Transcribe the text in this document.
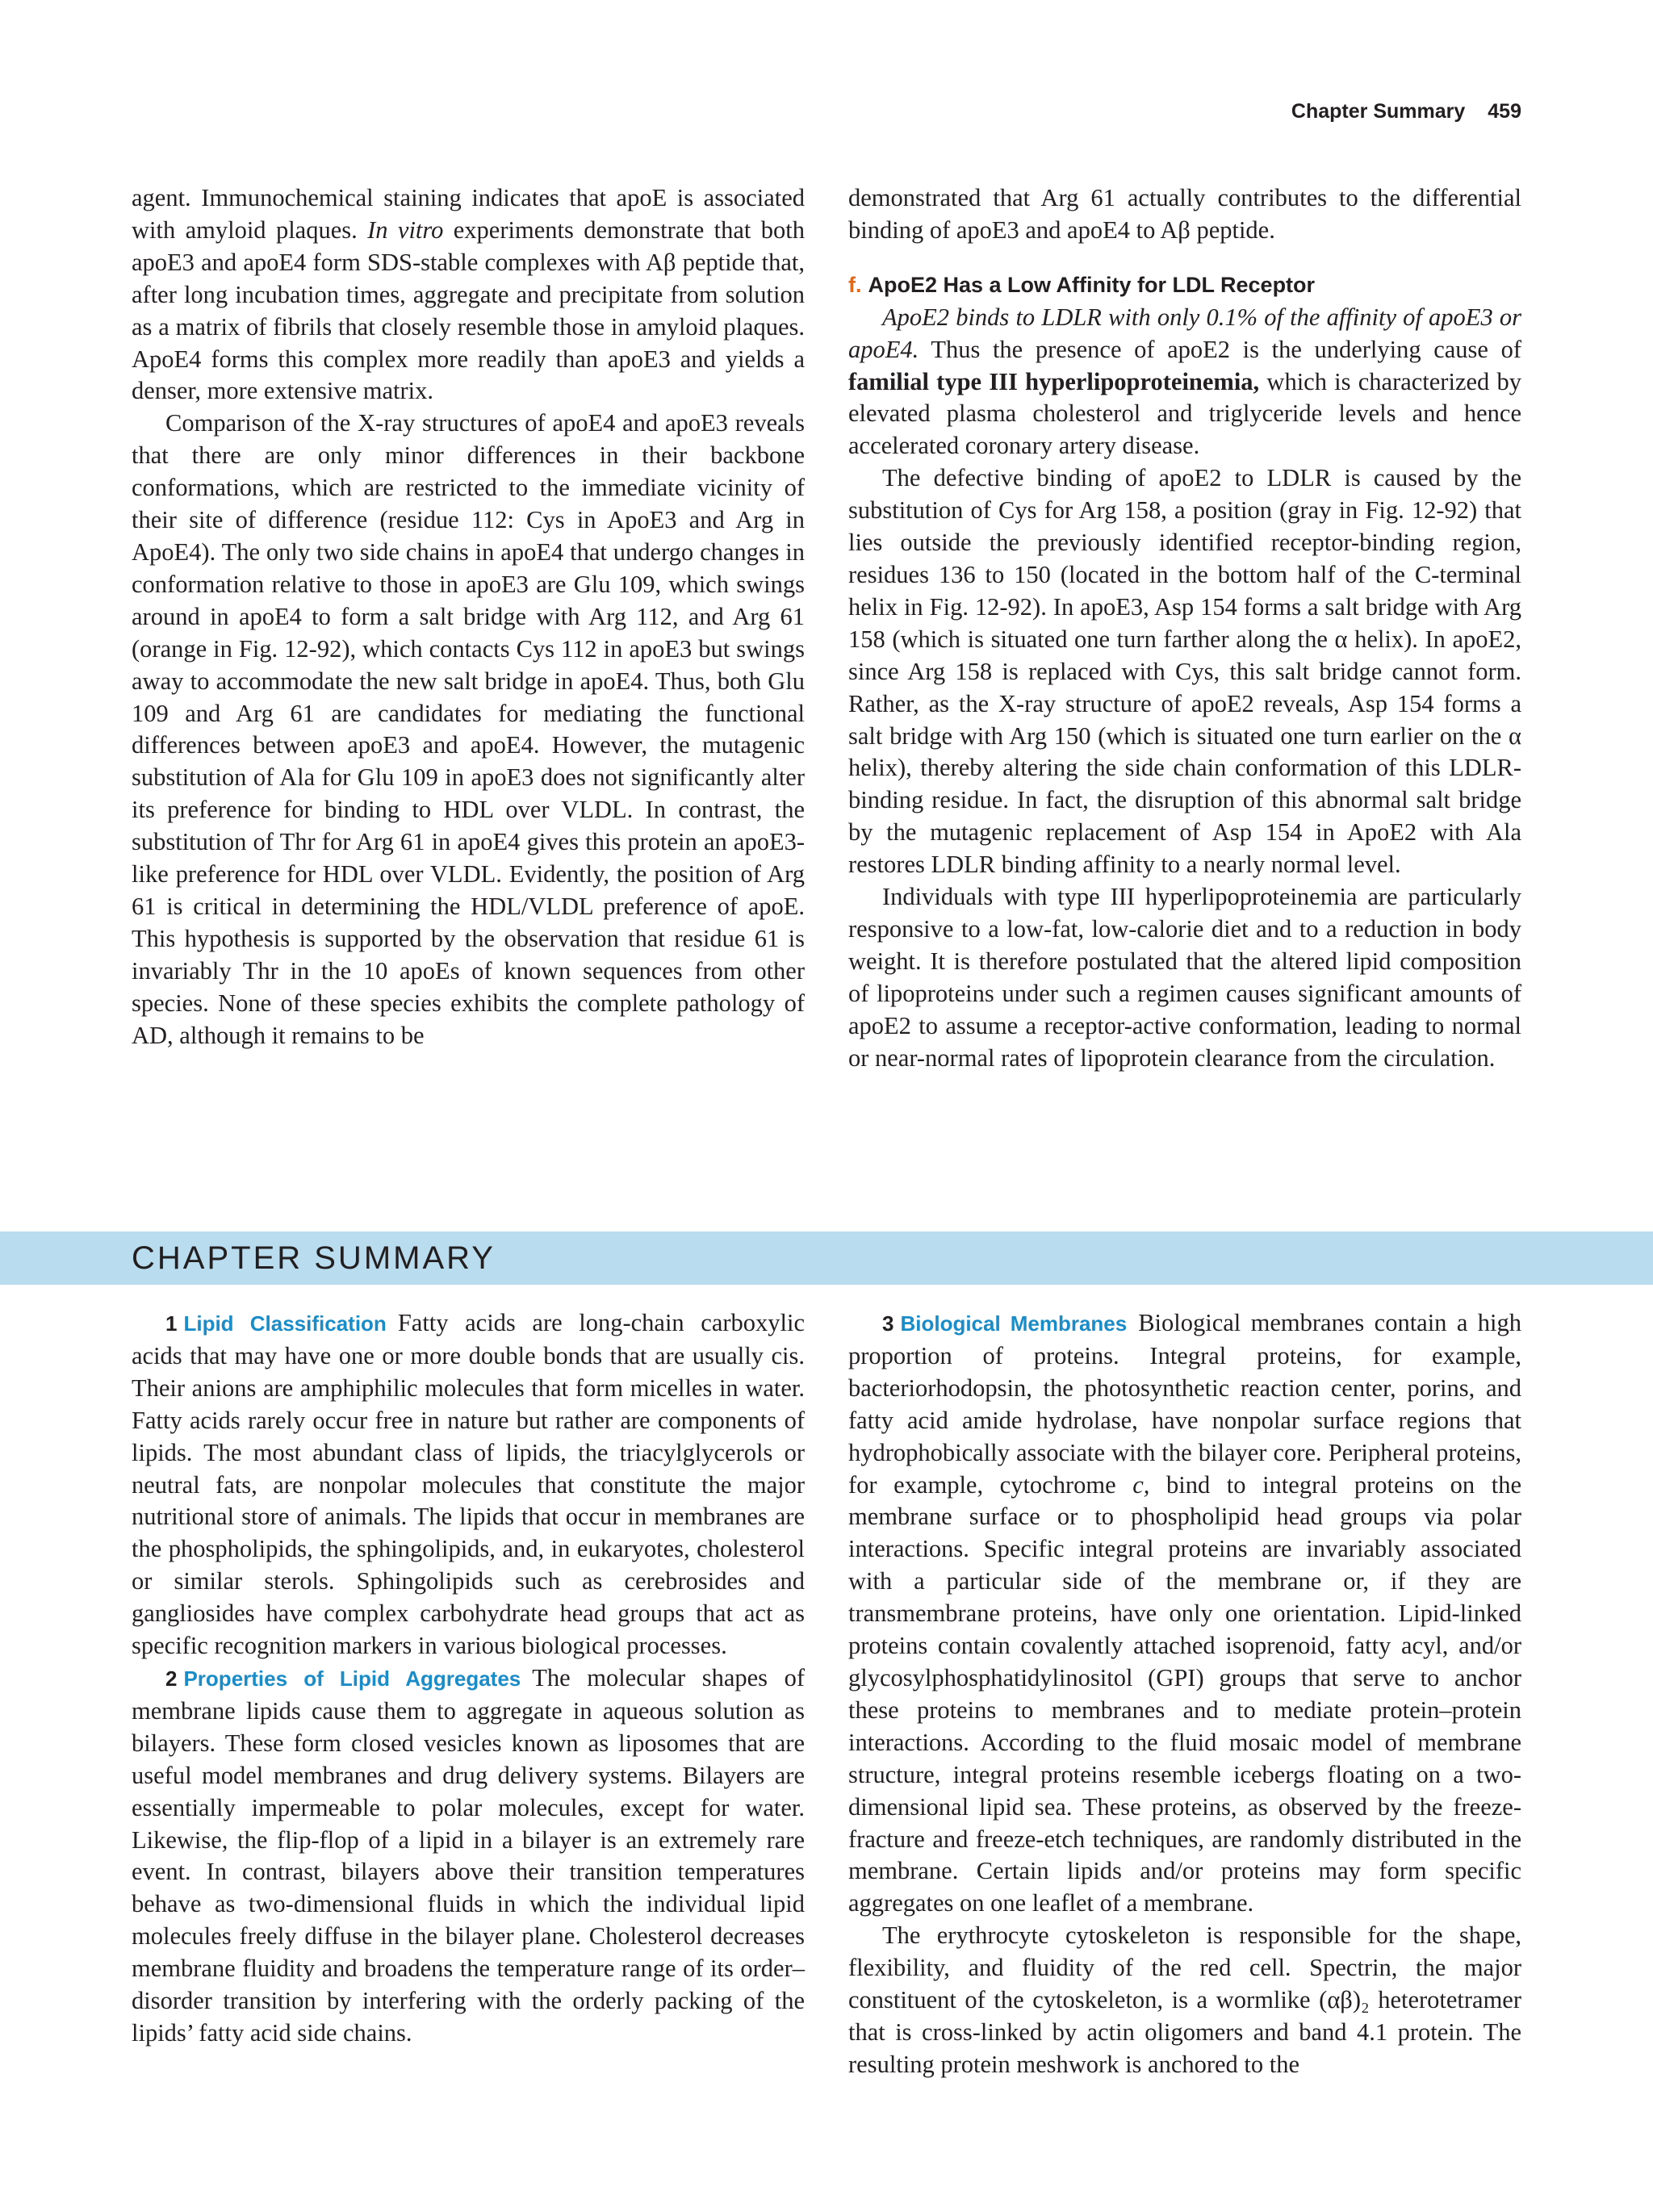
Chapter Summary 459

agent. Immunochemical staining indicates that apoE is associated with amyloid plaques. In vitro experiments demonstrate that both apoE3 and apoE4 form SDS-stable complexes with Aβ peptide that, after long incubation times, aggregate and precipitate from solution as a matrix of fibrils that closely resemble those in amyloid plaques. ApoE4 forms this complex more readily than apoE3 and yields a denser, more extensive matrix.

Comparison of the X-ray structures of apoE4 and apoE3 reveals that there are only minor differences in their backbone conformations, which are restricted to the immediate vicinity of their site of difference (residue 112: Cys in ApoE3 and Arg in ApoE4). The only two side chains in apoE4 that undergo changes in conformation relative to those in apoE3 are Glu 109, which swings around in apoE4 to form a salt bridge with Arg 112, and Arg 61 (orange in Fig. 12-92), which contacts Cys 112 in apoE3 but swings away to accommodate the new salt bridge in apoE4. Thus, both Glu 109 and Arg 61 are candidates for mediating the functional differences between apoE3 and apoE4. However, the mutagenic substitution of Ala for Glu 109 in apoE3 does not significantly alter its preference for binding to HDL over VLDL. In contrast, the substitution of Thr for Arg 61 in apoE4 gives this protein an apoE3-like preference for HDL over VLDL. Evidently, the position of Arg 61 is critical in determining the HDL/VLDL preference of apoE. This hypothesis is supported by the observation that residue 61 is invariably Thr in the 10 apoEs of known sequences from other species. None of these species exhibits the complete pathology of AD, although it remains to be

demonstrated that Arg 61 actually contributes to the differential binding of apoE3 and apoE4 to Aβ peptide.

f. ApoE2 Has a Low Affinity for LDL Receptor

ApoE2 binds to LDLR with only 0.1% of the affinity of apoE3 or apoE4. Thus the presence of apoE2 is the underlying cause of familial type III hyperlipoproteinemia, which is characterized by elevated plasma cholesterol and triglyceride levels and hence accelerated coronary artery disease.

The defective binding of apoE2 to LDLR is caused by the substitution of Cys for Arg 158, a position (gray in Fig. 12-92) that lies outside the previously identified receptor-binding region, residues 136 to 150 (located in the bottom half of the C-terminal helix in Fig. 12-92). In apoE3, Asp 154 forms a salt bridge with Arg 158 (which is situated one turn farther along the α helix). In apoE2, since Arg 158 is replaced with Cys, this salt bridge cannot form. Rather, as the X-ray structure of apoE2 reveals, Asp 154 forms a salt bridge with Arg 150 (which is situated one turn earlier on the α helix), thereby altering the side chain conformation of this LDLR-binding residue. In fact, the disruption of this abnormal salt bridge by the mutagenic replacement of Asp 154 in ApoE2 with Ala restores LDLR binding affinity to a nearly normal level.

Individuals with type III hyperlipoproteinemia are particularly responsive to a low-fat, low-calorie diet and to a reduction in body weight. It is therefore postulated that the altered lipid composition of lipoproteins under such a regimen causes significant amounts of apoE2 to assume a receptor-active conformation, leading to normal or near-normal rates of lipoprotein clearance from the circulation.

CHAPTER SUMMARY

1 Lipid Classification Fatty acids are long-chain carboxylic acids that may have one or more double bonds that are usually cis. Their anions are amphiphilic molecules that form micelles in water. Fatty acids rarely occur free in nature but rather are components of lipids. The most abundant class of lipids, the triacylglycerols or neutral fats, are nonpolar molecules that constitute the major nutritional store of animals. The lipids that occur in membranes are the phospholipids, the sphingolipids, and, in eukaryotes, cholesterol or similar sterols. Sphingolipids such as cerebrosides and gangliosides have complex carbohydrate head groups that act as specific recognition markers in various biological processes.

2 Properties of Lipid Aggregates The molecular shapes of membrane lipids cause them to aggregate in aqueous solution as bilayers. These form closed vesicles known as liposomes that are useful model membranes and drug delivery systems. Bilayers are essentially impermeable to polar molecules, except for water. Likewise, the flip-flop of a lipid in a bilayer is an extremely rare event. In contrast, bilayers above their transition temperatures behave as two-dimensional fluids in which the individual lipid molecules freely diffuse in the bilayer plane. Cholesterol decreases membrane fluidity and broadens the temperature range of its order–disorder transition by interfering with the orderly packing of the lipids’ fatty acid side chains.

3 Biological Membranes Biological membranes contain a high proportion of proteins. Integral proteins, for example, bacteriorhodopsin, the photosynthetic reaction center, porins, and fatty acid amide hydrolase, have nonpolar surface regions that hydrophobically associate with the bilayer core. Peripheral proteins, for example, cytochrome c, bind to integral proteins on the membrane surface or to phospholipid head groups via polar interactions. Specific integral proteins are invariably associated with a particular side of the membrane or, if they are transmembrane proteins, have only one orientation. Lipid-linked proteins contain covalently attached isoprenoid, fatty acyl, and/or glycosylphosphatidylinositol (GPI) groups that serve to anchor these proteins to membranes and to mediate protein–protein interactions. According to the fluid mosaic model of membrane structure, integral proteins resemble icebergs floating on a two-dimensional lipid sea. These proteins, as observed by the freeze-fracture and freeze-etch techniques, are randomly distributed in the membrane. Certain lipids and/or proteins may form specific aggregates on one leaflet of a membrane.

The erythrocyte cytoskeleton is responsible for the shape, flexibility, and fluidity of the red cell. Spectrin, the major constituent of the cytoskeleton, is a wormlike (αβ)₂ heterotetramer that is cross-linked by actin oligomers and band 4.1 protein. The resulting protein meshwork is anchored to the
